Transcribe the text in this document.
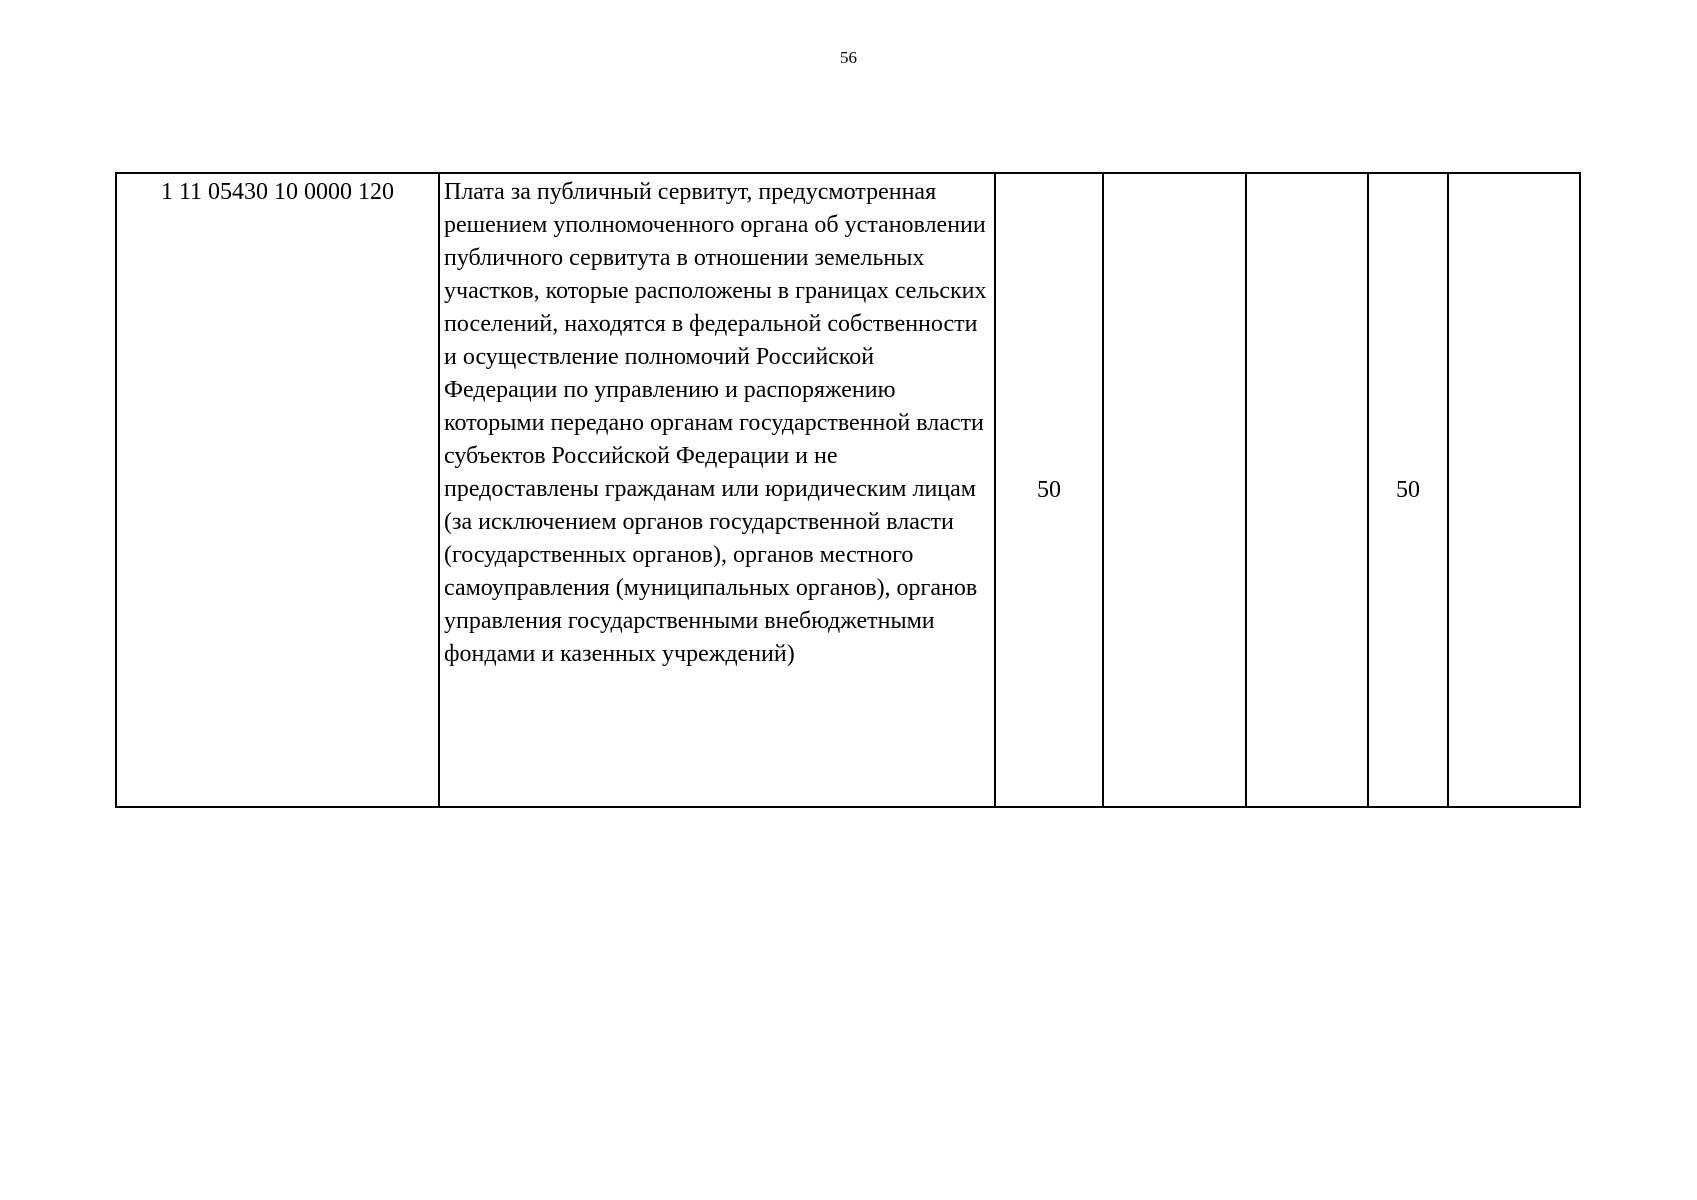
56
1 11 05430 10 0000 120	Плата за публичный сервитут, предусмотренная решением уполномоченного органа об установлении публичного сервитута в отношении земельных участков, которые расположены в границах сельских поселений, находятся в федеральной собственности и осуществление полномочий Российской Федерации по управлению и распоряжению которыми передано органам государственной власти субъектов Российской Федерации и не предоставлены гражданам или юридическим лицам (за исключением органов государственной власти (государственных органов), органов местного самоуправления (муниципальных органов), органов управления государственными внебюджетными фондами и казенных учреждений)	50			50	
